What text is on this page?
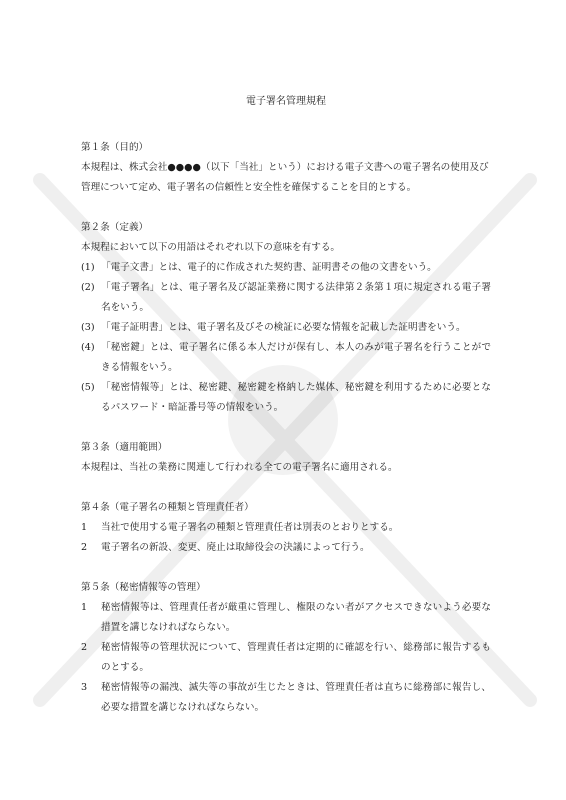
電子署名管理規程
第１条（目的）
本規程は、株式会社●●●●（以下「当社」という）における電子文書への電子署名の使用及び管理について定め、電子署名の信頼性と安全性を確保することを目的とする。
第２条（定義）
本規程において以下の用語はそれぞれ以下の意味を有する。
(1) 「電子文書」とは、電子的に作成された契約書、証明書その他の文書をいう。
(2) 「電子署名」とは、電子署名及び認証業務に関する法律第２条第１項に規定される電子署名をいう。
(3) 「電子証明書」とは、電子署名及びその検証に必要な情報を記載した証明書をいう。
(4) 「秘密鍵」とは、電子署名に係る本人だけが保有し、本人のみが電子署名を行うことができる情報をいう。
(5) 「秘密情報等」とは、秘密鍵、秘密鍵を格納した媒体、秘密鍵を利用するために必要となるパスワード・暗証番号等の情報をいう。
第３条（適用範囲）
本規程は、当社の業務に関連して行われる全ての電子署名に適用される。
第４条（電子署名の種類と管理責任者）
1	当社で使用する電子署名の種類と管理責任者は別表のとおりとする。
2	電子署名の新設、変更、廃止は取締役会の決議によって行う。
第５条（秘密情報等の管理）
1	秘密情報等は、管理責任者が厳重に管理し、権限のない者がアクセスできないよう必要な措置を講じなければならない。
2	秘密情報等の管理状況について、管理責任者は定期的に確認を行い、総務部に報告するものとする。
3	秘密情報等の漏洩、滅失等の事故が生じたときは、管理責任者は直ちに総務部に報告し、必要な措置を講じなければならない。
